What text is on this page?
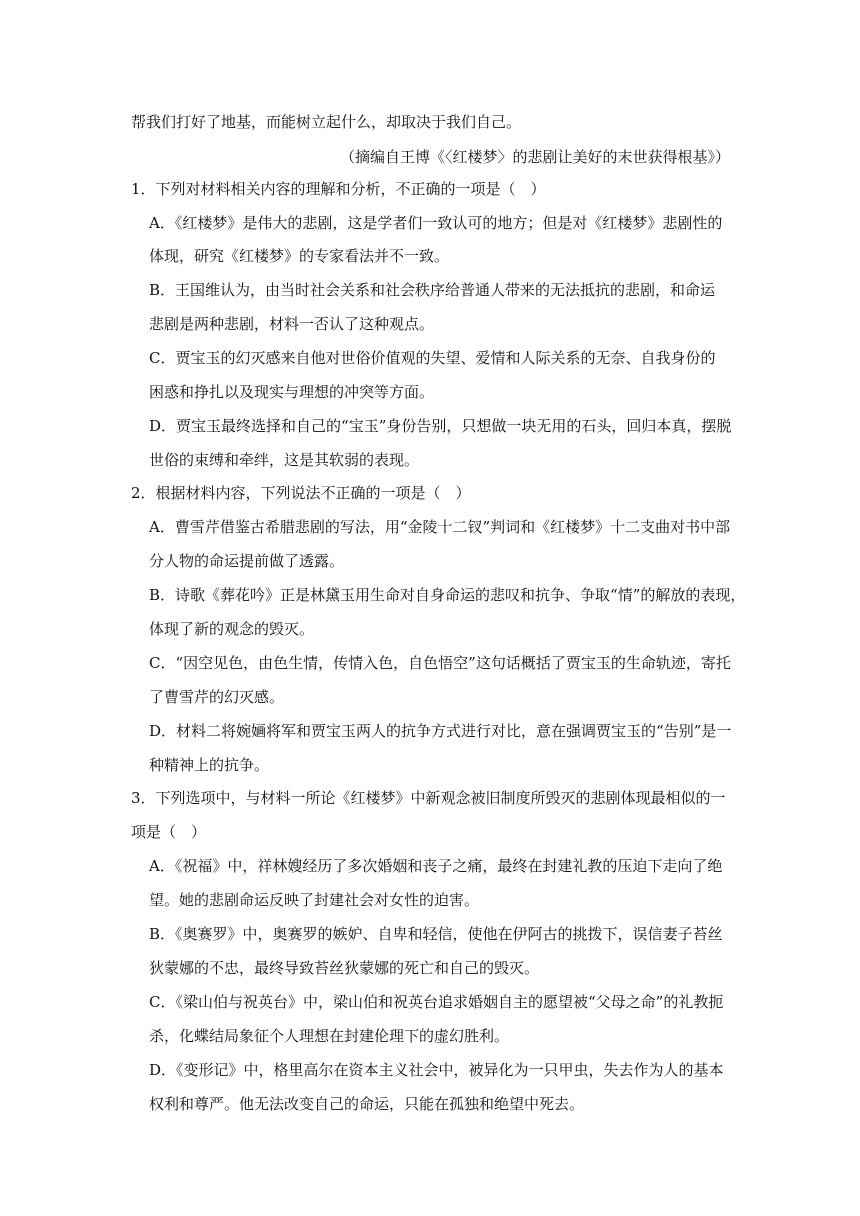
帮我们打好了地基，而能树立起什么，却取决于我们自己。
（摘编自王博《〈红楼梦〉的悲剧让美好的末世获得根基》）
1．下列对材料相关内容的理解和分析，不正确的一项是（　）
A．《红楼梦》是伟大的悲剧，这是学者们一致认可的地方；但是对《红楼梦》悲剧性的
体现，研究《红楼梦》的专家看法并不一致。
B．王国维认为，由当时社会关系和社会秩序给普通人带来的无法抵抗的悲剧，和命运
悲剧是两种悲剧，材料一否认了这种观点。
C．贾宝玉的幻灭感来自他对世俗价值观的失望、爱情和人际关系的无奈、自我身份的
困惑和挣扎以及现实与理想的冲突等方面。
D．贾宝玉最终选择和自己的“宝玉”身份告别，只想做一块无用的石头，回归本真，摆脱
世俗的束缚和牵绊，这是其软弱的表现。
2．根据材料内容，下列说法不正确的一项是（　）
A．曹雪芹借鉴古希腊悲剧的写法，用“金陵十二钗”判词和《红楼梦》十二支曲对书中部
分人物的命运提前做了透露。
B．诗歌《葬花吟》正是林黛玉用生命对自身命运的悲叹和抗争、争取“情”的解放的表现，
体现了新的观念的毁灭。
C．“因空见色，由色生情，传情入色，自色悟空”这句话概括了贾宝玉的生命轨迹，寄托
了曹雪芹的幻灭感。
D．材料二将婉婳将军和贾宝玉两人的抗争方式进行对比，意在强调贾宝玉的“告别”是一
种精神上的抗争。
3．下列选项中，与材料一所论《红楼梦》中新观念被旧制度所毁灭的悲剧体现最相似的一
项是（　）
A．《祝福》中，祥林嫂经历了多次婚姻和丧子之痛，最终在封建礼教的压迫下走向了绝
望。她的悲剧命运反映了封建社会对女性的迫害。
B．《奥赛罗》中，奥赛罗的嫉妒、自卑和轻信，使他在伊阿古的挑拨下，误信妻子苔丝
狄蒙娜的不忠，最终导致苔丝狄蒙娜的死亡和自己的毁灭。
C．《梁山伯与祝英台》中，梁山伯和祝英台追求婚姻自主的愿望被“父母之命”的礼教扼
杀，化蝶结局象征个人理想在封建伦理下的虚幻胜利。
D．《变形记》中，格里高尔在资本主义社会中，被异化为一只甲虫，失去作为人的基本
权利和尊严。他无法改变自己的命运，只能在孤独和绝望中死去。
